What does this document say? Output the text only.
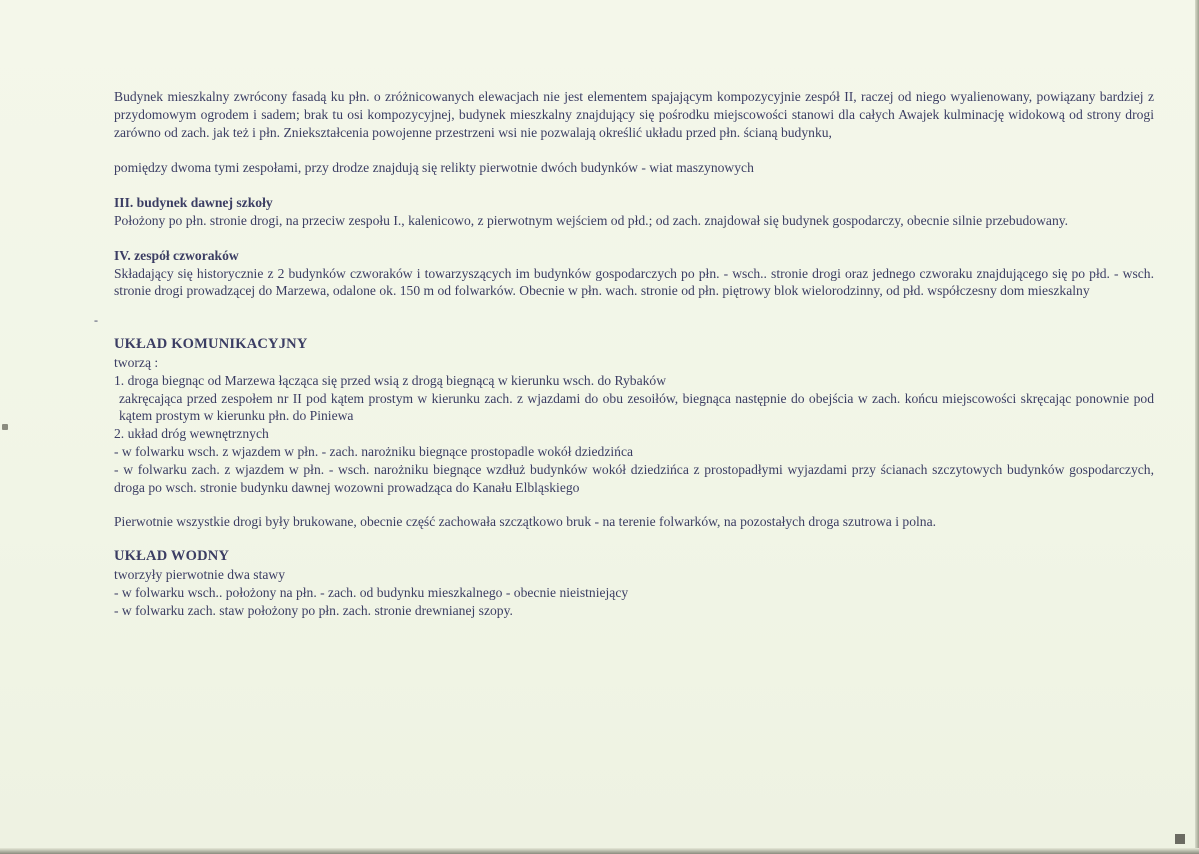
-

Budynek mieszkalny zwrócony fasadą ku płn. o zróżnicowanych elewacjach nie jest elementem spajającym kompozycyjnie zespół II, raczej od niego wyalienowany, powiązany bardziej z przydomowym ogrodem i sadem; brak tu osi kompozycyjnej, budynek mieszkalny znajdujący się pośrodku miejscowości stanowi dla całych Awajek kulminację widokową od strony drogi zarówno od zach. jak też i płn. Zniekształcenia powojenne przestrzeni wsi nie pozwalają określić układu przed płn. ścianą budynku,

pomiędzy dwoma tymi zespołami, przy drodze znajdują się relikty pierwotnie dwóch budynków - wiat maszynowych

III. budynek dawnej szkoły

Położony po płn. stronie drogi, na przeciw zespołu I., kalenicowo, z pierwotnym wejściem od płd.; od zach. znajdował się budynek gospodarczy, obecnie silnie przebudowany.

IV. zespół czworaków

Składający się historycznie z 2 budynków czworaków i towarzyszących im budynków gospodarczych po płn. - wsch.. stronie drogi oraz jednego czworaku znajdującego się po płd. - wsch. stronie drogi prowadzącej do Marzewa, odalone ok. 150 m od folwarków. Obecnie w płn. wach. stronie od płn. piętrowy blok wielorodzinny, od płd. współczesny dom mieszkalny

UKŁAD KOMUNIKACYJNY

tworzą :

1. droga biegnąc od Marzewa łącząca się przed wsią z drogą biegnącą w kierunku wsch. do Rybaków

zakręcająca przed zespołem nr II pod kątem prostym w kierunku zach. z wjazdami do obu zesoiłów, biegnąca następnie do obejścia w zach. końcu miejscowości skręcając ponownie pod kątem prostym w kierunku płn. do Piniewa

2. układ dróg wewnętrznych

- w folwarku wsch. z wjazdem w płn. - zach. narożniku biegnące prostopadle wokół dziedzińca

- w folwarku zach. z wjazdem w płn. - wsch. narożniku biegnące wzdłuż budynków wokół dziedzińca z prostopadłymi wyjazdami przy ścianach szczytowych budynków gospodarczych, droga po wsch. stronie budynku dawnej wozowni prowadząca do Kanału Elbląskiego

Pierwotnie wszystkie drogi były brukowane, obecnie część zachowała szczątkowo bruk - na terenie folwarków, na pozostałych droga szutrowa i polna.

UKŁAD WODNY

tworzyły pierwotnie dwa stawy

- w folwarku wsch.. położony na płn. - zach. od budynku mieszkalnego - obecnie nieistniejący

- w folwarku zach. staw położony po płn. zach. stronie drewnianej szopy.
